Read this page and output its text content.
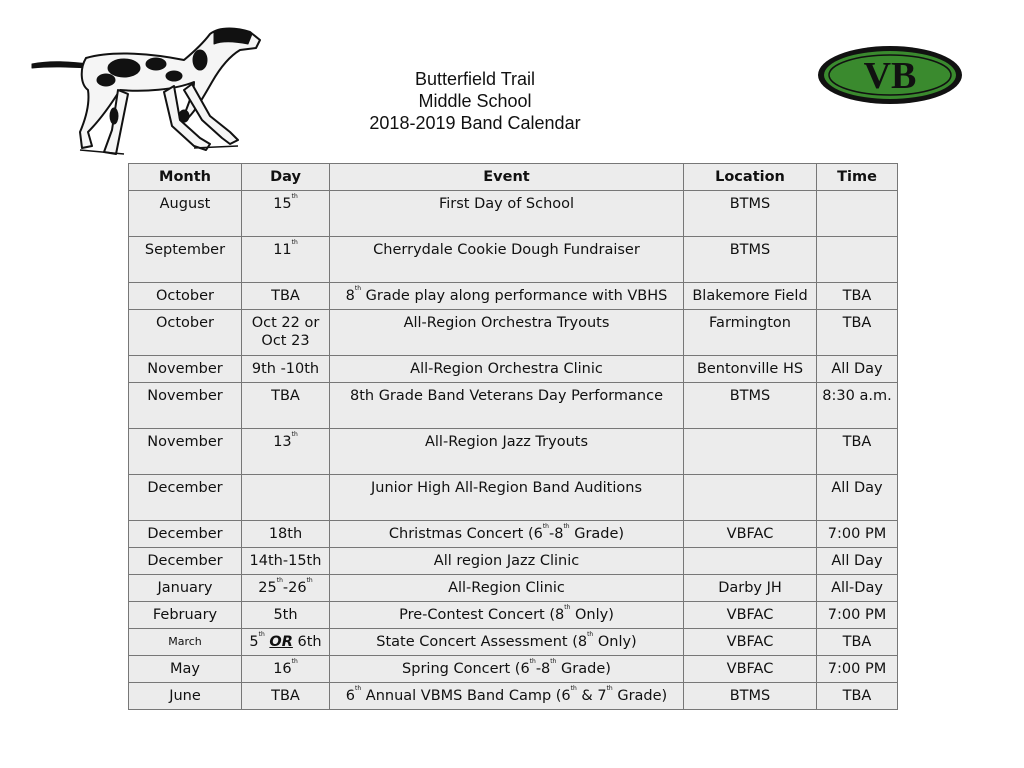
Butterfield Trail
Middle School
2018-2019 Band Calendar
VB
Month	Day	Event	Location	Time
August	15th	First Day of School	BTMS	
September	11th	Cherrydale Cookie Dough Fundraiser	BTMS	
October	TBA	8th Grade play along performance with VBHS	Blakemore Field	TBA
October	Oct 22 or Oct 23	All-Region Orchestra Tryouts	Farmington	TBA
November	9th -10th	All-Region Orchestra Clinic	Bentonville HS	All Day
November	TBA	8th Grade Band Veterans Day Performance	BTMS	8:30 a.m.
November	13th	All-Region Jazz Tryouts		TBA
December		Junior High All-Region Band Auditions		All Day
December	18th	Christmas Concert (6th-8th Grade)	VBFAC	7:00 PM
December	14th-15th	All region Jazz Clinic		All Day
January	25th-26th	All-Region Clinic	Darby JH	All-Day
February	5th	Pre-Contest Concert (8th Only)	VBFAC	7:00 PM
March	5th OR 6th	State Concert Assessment (8th Only)	VBFAC	TBA
May	16th	Spring Concert (6th-8th Grade)	VBFAC	7:00 PM
June	TBA	6th Annual VBMS Band Camp (6th & 7th Grade)	BTMS	TBA
